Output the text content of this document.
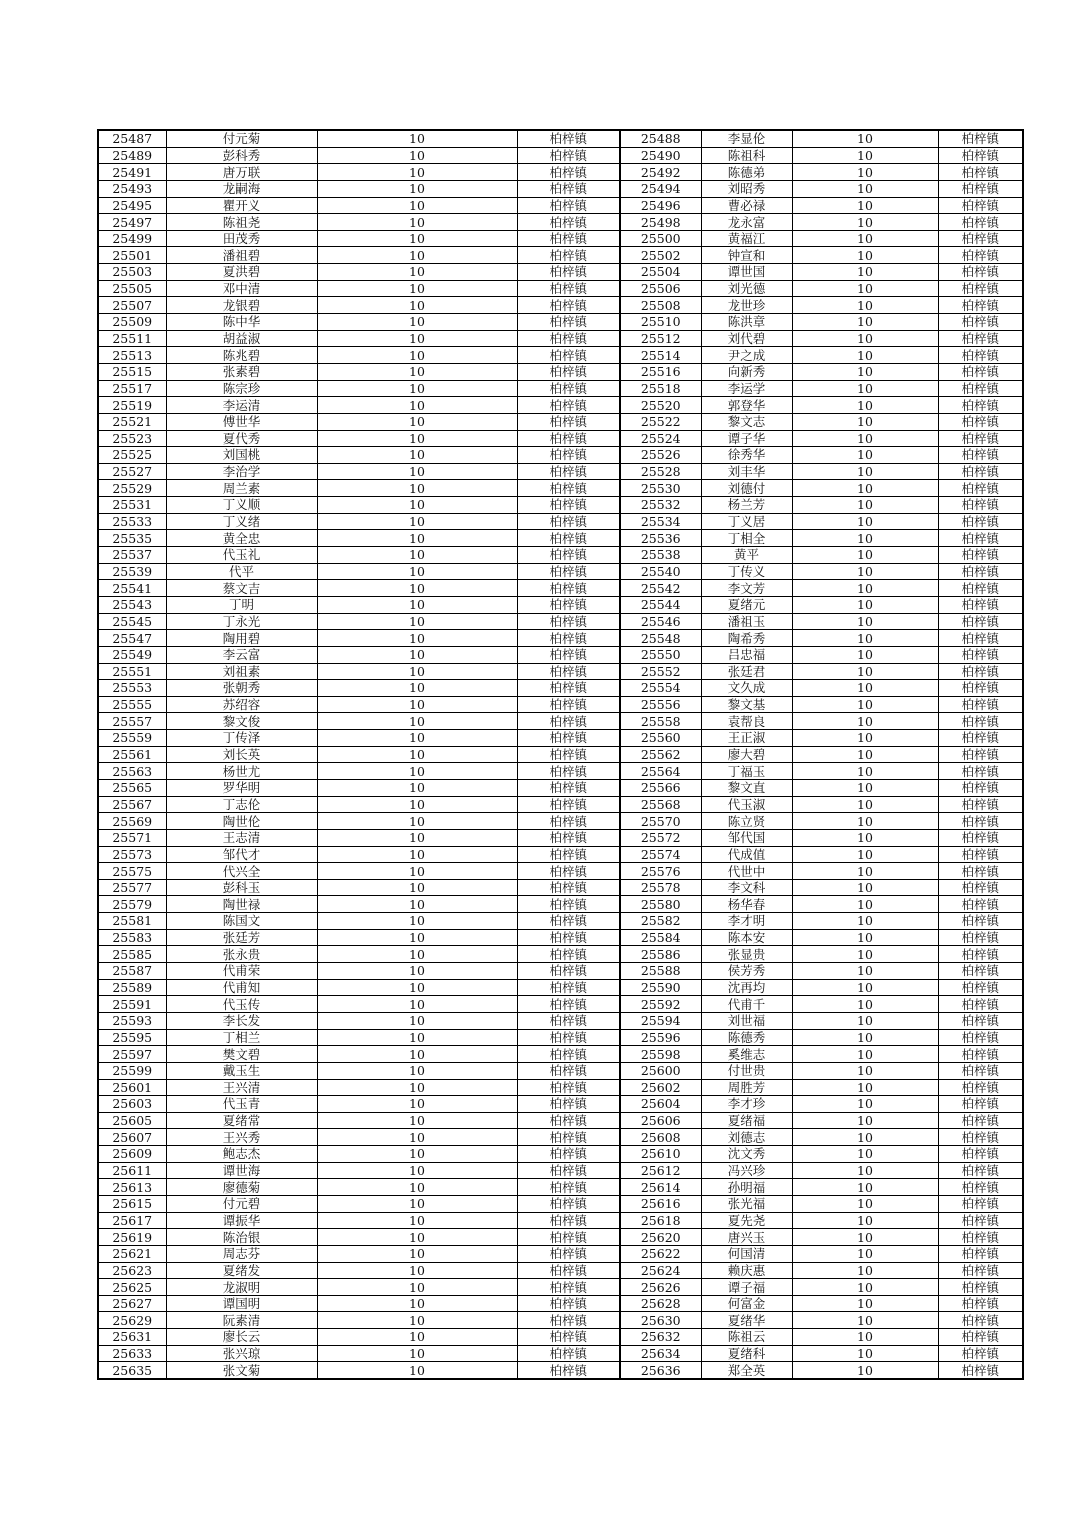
25487	付元菊	10	柏梓镇	25488	李显伦	10	柏梓镇
25489	彭科秀	10	柏梓镇	25490	陈祖科	10	柏梓镇
25491	唐万联	10	柏梓镇	25492	陈德弟	10	柏梓镇
25493	龙嗣海	10	柏梓镇	25494	刘昭秀	10	柏梓镇
25495	瞿开义	10	柏梓镇	25496	曹必禄	10	柏梓镇
25497	陈祖尧	10	柏梓镇	25498	龙永富	10	柏梓镇
25499	田茂秀	10	柏梓镇	25500	黄福江	10	柏梓镇
25501	潘祖碧	10	柏梓镇	25502	钟宣和	10	柏梓镇
25503	夏洪碧	10	柏梓镇	25504	谭世国	10	柏梓镇
25505	邓中清	10	柏梓镇	25506	刘光德	10	柏梓镇
25507	龙银碧	10	柏梓镇	25508	龙世珍	10	柏梓镇
25509	陈中华	10	柏梓镇	25510	陈洪章	10	柏梓镇
25511	胡益淑	10	柏梓镇	25512	刘代碧	10	柏梓镇
25513	陈兆碧	10	柏梓镇	25514	尹之成	10	柏梓镇
25515	张素碧	10	柏梓镇	25516	向新秀	10	柏梓镇
25517	陈宗珍	10	柏梓镇	25518	李运学	10	柏梓镇
25519	李运清	10	柏梓镇	25520	郭登华	10	柏梓镇
25521	傅世华	10	柏梓镇	25522	黎文志	10	柏梓镇
25523	夏代秀	10	柏梓镇	25524	谭子华	10	柏梓镇
25525	刘国桃	10	柏梓镇	25526	徐秀华	10	柏梓镇
25527	李治学	10	柏梓镇	25528	刘丰华	10	柏梓镇
25529	周兰素	10	柏梓镇	25530	刘德付	10	柏梓镇
25531	丁义顺	10	柏梓镇	25532	杨兰芳	10	柏梓镇
25533	丁义绪	10	柏梓镇	25534	丁义居	10	柏梓镇
25535	黄全忠	10	柏梓镇	25536	丁相全	10	柏梓镇
25537	代玉礼	10	柏梓镇	25538	黄平	10	柏梓镇
25539	代平	10	柏梓镇	25540	丁传义	10	柏梓镇
25541	蔡文吉	10	柏梓镇	25542	李文芳	10	柏梓镇
25543	丁明	10	柏梓镇	25544	夏绪元	10	柏梓镇
25545	丁永光	10	柏梓镇	25546	潘祖玉	10	柏梓镇
25547	陶用碧	10	柏梓镇	25548	陶希秀	10	柏梓镇
25549	李云富	10	柏梓镇	25550	吕忠福	10	柏梓镇
25551	刘祖素	10	柏梓镇	25552	张廷君	10	柏梓镇
25553	张朝秀	10	柏梓镇	25554	文久成	10	柏梓镇
25555	苏绍容	10	柏梓镇	25556	黎文基	10	柏梓镇
25557	黎文俊	10	柏梓镇	25558	袁帮良	10	柏梓镇
25559	丁传泽	10	柏梓镇	25560	王正淑	10	柏梓镇
25561	刘长英	10	柏梓镇	25562	廖大碧	10	柏梓镇
25563	杨世尤	10	柏梓镇	25564	丁福玉	10	柏梓镇
25565	罗华明	10	柏梓镇	25566	黎文直	10	柏梓镇
25567	丁志伦	10	柏梓镇	25568	代玉淑	10	柏梓镇
25569	陶世伦	10	柏梓镇	25570	陈立贤	10	柏梓镇
25571	王志清	10	柏梓镇	25572	邹代国	10	柏梓镇
25573	邹代才	10	柏梓镇	25574	代成值	10	柏梓镇
25575	代兴全	10	柏梓镇	25576	代世中	10	柏梓镇
25577	彭科玉	10	柏梓镇	25578	李文科	10	柏梓镇
25579	陶世禄	10	柏梓镇	25580	杨华春	10	柏梓镇
25581	陈国文	10	柏梓镇	25582	李才明	10	柏梓镇
25583	张廷芳	10	柏梓镇	25584	陈本安	10	柏梓镇
25585	张永贵	10	柏梓镇	25586	张显贵	10	柏梓镇
25587	代甫荣	10	柏梓镇	25588	侯芳秀	10	柏梓镇
25589	代甫知	10	柏梓镇	25590	沈再均	10	柏梓镇
25591	代玉传	10	柏梓镇	25592	代甫千	10	柏梓镇
25593	李长发	10	柏梓镇	25594	刘世福	10	柏梓镇
25595	丁相兰	10	柏梓镇	25596	陈德秀	10	柏梓镇
25597	樊文碧	10	柏梓镇	25598	奚维志	10	柏梓镇
25599	戴玉生	10	柏梓镇	25600	付世贵	10	柏梓镇
25601	王兴清	10	柏梓镇	25602	周胜芳	10	柏梓镇
25603	代玉青	10	柏梓镇	25604	李才珍	10	柏梓镇
25605	夏绪常	10	柏梓镇	25606	夏绪福	10	柏梓镇
25607	王兴秀	10	柏梓镇	25608	刘德志	10	柏梓镇
25609	鲍志杰	10	柏梓镇	25610	沈文秀	10	柏梓镇
25611	谭世海	10	柏梓镇	25612	冯兴珍	10	柏梓镇
25613	廖德菊	10	柏梓镇	25614	孙明福	10	柏梓镇
25615	付元碧	10	柏梓镇	25616	张光福	10	柏梓镇
25617	谭振华	10	柏梓镇	25618	夏先尧	10	柏梓镇
25619	陈治银	10	柏梓镇	25620	唐兴玉	10	柏梓镇
25621	周志芬	10	柏梓镇	25622	何国清	10	柏梓镇
25623	夏绪发	10	柏梓镇	25624	赖庆惠	10	柏梓镇
25625	龙淑明	10	柏梓镇	25626	谭子福	10	柏梓镇
25627	谭国明	10	柏梓镇	25628	何富金	10	柏梓镇
25629	阮素清	10	柏梓镇	25630	夏绪华	10	柏梓镇
25631	廖长云	10	柏梓镇	25632	陈祖云	10	柏梓镇
25633	张兴琼	10	柏梓镇	25634	夏绪科	10	柏梓镇
25635	张文菊	10	柏梓镇	25636	郑全英	10	柏梓镇
